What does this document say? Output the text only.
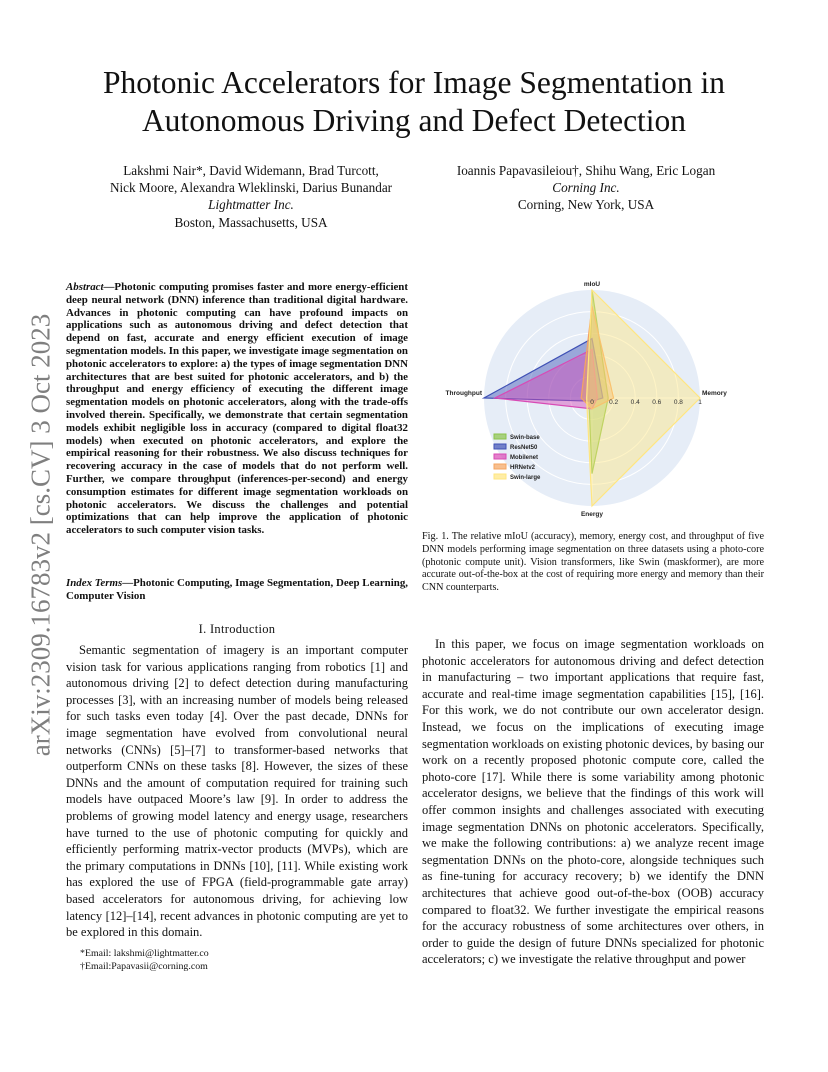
Photonic Accelerators for Image Segmentation in Autonomous Driving and Defect Detection
arXiv:2309.16783v2 [cs.CV] 3 Oct 2023
Lakshmi Nair*, David Widemann, Brad Turcott,
Nick Moore, Alexandra Wleklinski, Darius Bunandar
Lightmatter Inc.
Boston, Massachusetts, USA
Ioannis Papavasileiou†, Shihu Wang, Eric Logan
Corning Inc.
Corning, New York, USA
Abstract—Photonic computing promises faster and more energy-efficient deep neural network (DNN) inference than traditional digital hardware. Advances in photonic computing can have profound impacts on applications such as autonomous driving and defect detection that depend on fast, accurate and energy efficient execution of image segmentation models. In this paper, we investigate image segmentation on photonic accelerators to explore: a) the types of image segmentation DNN architectures that are best suited for photonic accelerators, and b) the throughput and energy efficiency of executing the different image segmentation models on photonic accelerators, along with the trade-offs involved therein. Specifically, we demonstrate that certain segmentation models exhibit negligible loss in accuracy (compared to digital float32 models) when executed on photonic accelerators, and explore the empirical reasoning for their robustness. We also discuss techniques for recovering accuracy in the case of models that do not perform well. Further, we compare throughput (inferences-per-second) and energy consumption estimates for different image segmentation workloads on photonic accelerators. We discuss the challenges and potential optimizations that can help improve the application of photonic accelerators to such computer vision tasks.
Index Terms—Photonic Computing, Image Segmentation, Deep Learning, Computer Vision
I. Introduction

Semantic segmentation of imagery is an important computer vision task for various applications ranging from robotics [1] and autonomous driving [2] to defect detection during manufacturing processes [3], with an increasing number of models being released for such tasks even today [4]. Over the past decade, DNNs for image segmentation have evolved from convolutional neural networks (CNNs) [5]–[7] to transformer-based networks that outperform CNNs on these tasks [8]. However, the sizes of these DNNs and the amount of computation required for training such models have outpaced Moore’s law [9]. In order to address the problems of growing model latency and energy usage, researchers have turned to the use of photonic computing for quickly and efficiently performing matrix-vector products (MVPs), which are the primary computations in DNNs [10], [11]. While existing work has explored the use of FPGA (field-programmable gate array) based accelerators for autonomous driving, for achieving low latency [12]–[14], recent advances in photonic computing are yet to be explored in this domain.

*Email: lakshmi@lightmatter.co
†Email:Papavasii@corning.com
0 0.2 0.4 0.6 0.8 1
mIoU
Memory
Energy
Throughput
Swin-base
ResNet50
Mobilenet
HRNetv2
Swin-large
Fig. 1. The relative mIoU (accuracy), memory, energy cost, and throughput of five DNN models performing image segmentation on three datasets using a photo-core (photonic compute unit). Vision transformers, like Swin (maskformer), are more accurate out-of-the-box at the cost of requiring more energy and memory than their CNN counterparts.

In this paper, we focus on image segmentation workloads on photonic accelerators for autonomous driving and defect detection in manufacturing – two important applications that require fast, accurate and real-time image segmentation capabilities [15], [16]. For this work, we do not contribute our own accelerator design. Instead, we focus on the implications of executing image segmentation workloads on existing photonic devices, by basing our work on a recently proposed photonic compute core, called the photo-core [17]. While there is some variability among photonic accelerator designs, we believe that the findings of this work will offer common insights and challenges associated with executing image segmentation DNNs on photonic accelerators. Specifically, we make the following contributions: a) we analyze recent image segmentation DNNs on the photo-core, alongside techniques such as fine-tuning for accuracy recovery; b) we identify the DNN architectures that achieve good out-of-the-box (OOB) accuracy compared to float32. We further investigate the empirical reasons for the accuracy robustness of some architectures over others, in order to guide the design of future DNNs specialized for photonic accelerators; c) we investigate the relative throughput and power
